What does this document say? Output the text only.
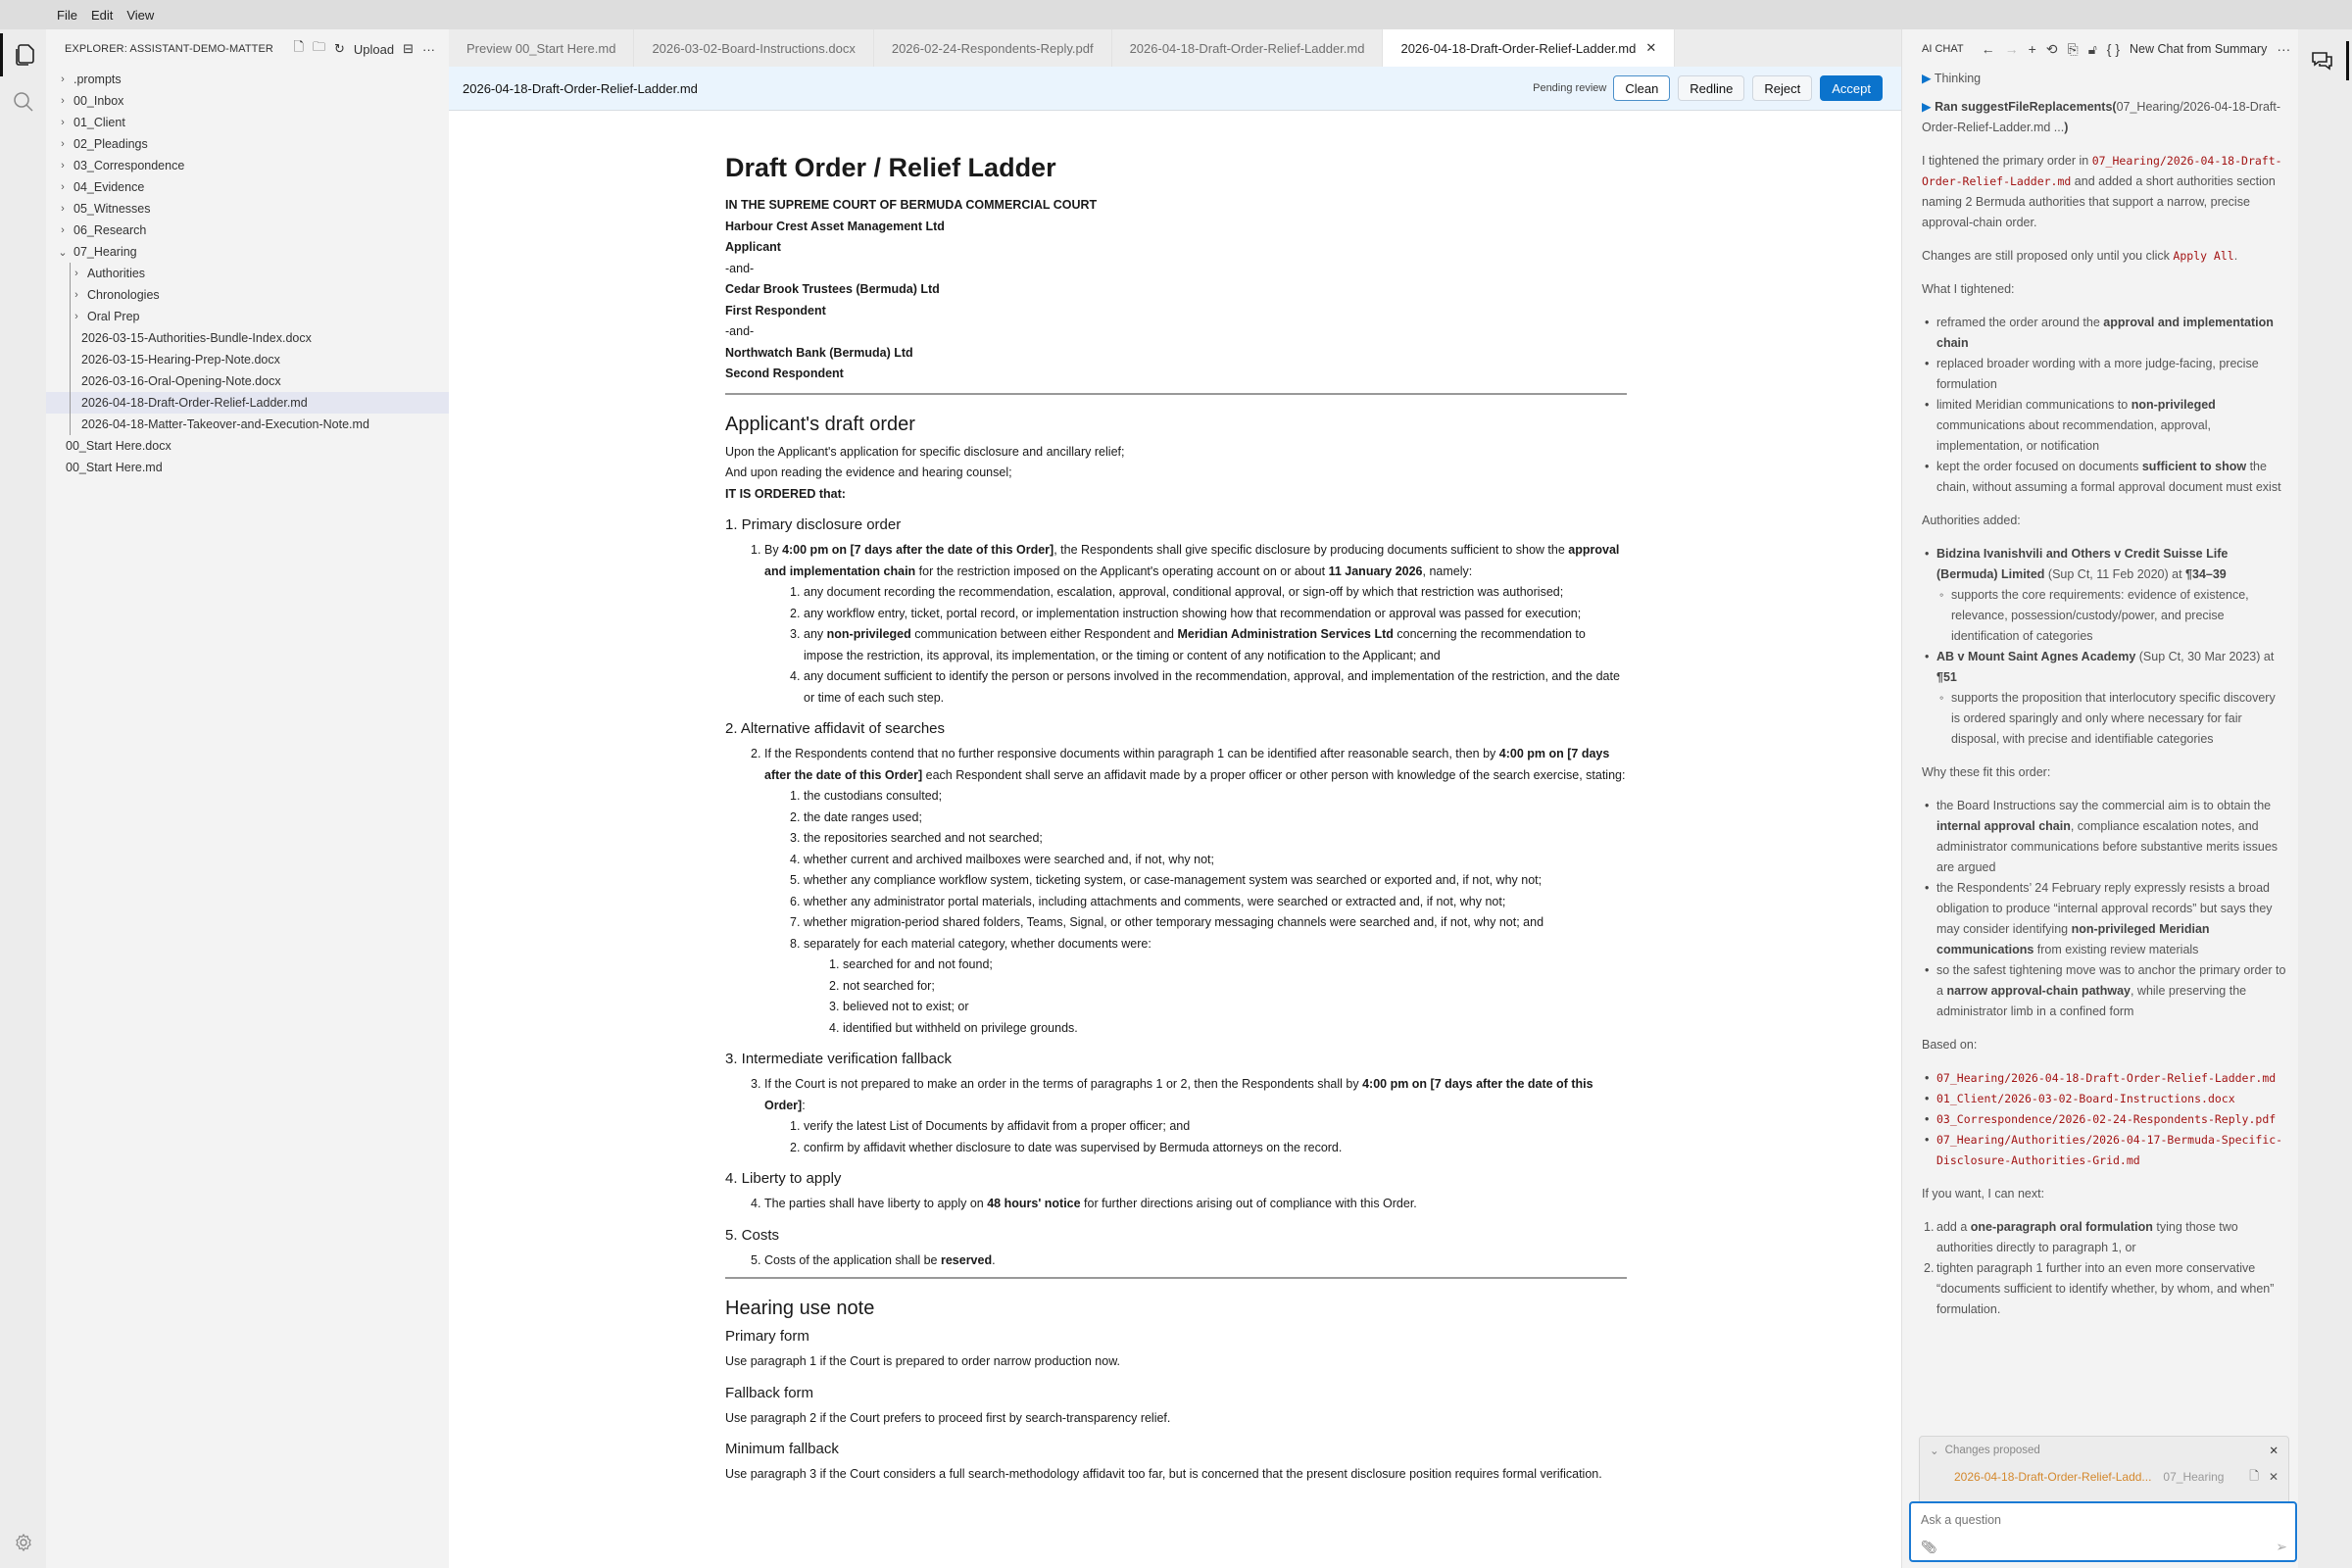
File Edit View
EXPLORER: ASSISTANT-DEMO-MATTER	🗋 🗀 ↻ Upload ⊟ ···
› .prompts
› 00_Inbox
› 01_Client
› 02_Pleadings
› 03_Correspondence
› 04_Evidence
› 05_Witnesses
› 06_Research
⌄ 07_Hearing
› Authorities
› Chronologies
› Oral Prep
2026-03-15-Authorities-Bundle-Index.docx
2026-03-15-Hearing-Prep-Note.docx
2026-03-16-Oral-Opening-Note.docx
2026-04-18-Draft-Order-Relief-Ladder.md
2026-04-18-Matter-Takeover-and-Execution-Note.md
00_Start Here.docx
00_Start Here.md
Preview 00_Start Here.md	2026-03-02-Board-Instructions.docx	2026-02-24-Respondents-Reply.pdf	2026-04-18-Draft-Order-Relief-Ladder.md	2026-04-18-Draft-Order-Relief-Ladder.md ✕
2026-04-18-Draft-Order-Relief-Ladder.md	Pending review	Clean	Redline	Reject	Accept
Draft Order / Relief Ladder
IN THE SUPREME COURT OF BERMUDA COMMERCIAL COURT
Harbour Crest Asset Management Ltd
Applicant
-and-
Cedar Brook Trustees (Bermuda) Ltd
First Respondent
-and-
Northwatch Bank (Bermuda) Ltd
Second Respondent
Applicant's draft order

Upon the Applicant's application for specific disclosure and ancillary relief;

And upon reading the evidence and hearing counsel;

IT IS ORDERED that:

1. Primary disclosure order
1. By 4:00 pm on [7 days after the date of this Order], the Respondents shall give specific disclosure by producing documents sufficient to show the approval and implementation chain for the restriction imposed on the Applicant's operating account on or about 11 January 2026, namely:
1. any document recording the recommendation, escalation, approval, conditional approval, or sign-off by which that restriction was authorised;
2. any workflow entry, ticket, portal record, or implementation instruction showing how that recommendation or approval was passed for execution;
3. any non-privileged communication between either Respondent and Meridian Administration Services Ltd concerning the recommendation to impose the restriction, its approval, its implementation, or the timing or content of any notification to the Applicant; and
4. any document sufficient to identify the person or persons involved in the recommendation, approval, and implementation of the restriction, and the date or time of each such step.
2. Alternative affidavit of searches
2. If the Respondents contend that no further responsive documents within paragraph 1 can be identified after reasonable search, then by 4:00 pm on [7 days after the date of this Order] each Respondent shall serve an affidavit made by a proper officer or other person with knowledge of the search exercise, stating:
1. the custodians consulted;
2. the date ranges used;
3. the repositories searched and not searched;
4. whether current and archived mailboxes were searched and, if not, why not;
5. whether any compliance workflow system, ticketing system, or case-management system was searched or exported and, if not, why not;
6. whether any administrator portal materials, including attachments and comments, were searched or extracted and, if not, why not;
7. whether migration-period shared folders, Teams, Signal, or other temporary messaging channels were searched and, if not, why not; and
8. separately for each material category, whether documents were:
1. searched for and not found;
2. not searched for;
3. believed not to exist; or
4. identified but withheld on privilege grounds.
3. Intermediate verification fallback
3. If the Court is not prepared to make an order in the terms of paragraphs 1 or 2, then the Respondents shall by 4:00 pm on [7 days after the date of this Order]:
1. verify the latest List of Documents by affidavit from a proper officer; and
2. confirm by affidavit whether disclosure to date was supervised by Bermuda attorneys on the record.
4. Liberty to apply
4. The parties shall have liberty to apply on 48 hours' notice for further directions arising out of compliance with this Order.
5. Costs
5. Costs of the application shall be reserved.
Hearing use note
Primary form

Use paragraph 1 if the Court is prepared to order narrow production now.

Fallback form

Use paragraph 2 if the Court prefers to proceed first by search-transparency relief.

Minimum fallback

Use paragraph 3 if the Court considers a full search-methodology affidavit too far, but is concerned that the present disclosure position requires formal verification.

AI CHAT ← → + ⟲ ⎘ 🔓︎ { } New Chat from Summary ···

▶ Thinking

▶ Ran suggestFileReplacements(07_Hearing/2026-04-18-Draft-Order-Relief-Ladder.md ...)

I tightened the primary order in 07_Hearing/2026-04-18-Draft-Order-Relief-Ladder.md and added a short authorities section naming 2 Bermuda authorities that support a narrow, precise approval-chain order.

Changes are still proposed only until you click Apply All.

What I tightened:

• reframed the order around the approval and implementation chain
• replaced broader wording with a more judge-facing, precise formulation
• limited Meridian communications to non-privileged communications about recommendation, approval, implementation, or notification
• kept the order focused on documents sufficient to show the chain, without assuming a formal approval document must exist

Authorities added:

• Bidzina Ivanishvili and Others v Credit Suisse Life (Bermuda) Limited (Sup Ct, 11 Feb 2020) at ¶34–39
◦ supports the core requirements: evidence of existence, relevance, possession/custody/power, and precise identification of categories
• AB v Mount Saint Agnes Academy (Sup Ct, 30 Mar 2023) at ¶51
◦ supports the proposition that interlocutory specific discovery is ordered sparingly and only where necessary for fair disposal, with precise and identifiable categories

Why these fit this order:

• the Board Instructions say the commercial aim is to obtain the internal approval chain, compliance escalation notes, and administrator communications before substantive merits issues are argued
• the Respondents’ 24 February reply expressly resists a broad obligation to produce “internal approval records” but says they may consider identifying non-privileged Meridian communications from existing review materials
• so the safest tightening move was to anchor the primary order to a narrow approval-chain pathway, while preserving the administrator limb in a confined form

Based on:

• 07_Hearing/2026-04-18-Draft-Order-Relief-Ladder.md
• 01_Client/2026-03-02-Board-Instructions.docx
• 03_Correspondence/2026-02-24-Respondents-Reply.pdf
• 07_Hearing/Authorities/2026-04-17-Bermuda-Specific-Disclosure-Authorities-Grid.md

If you want, I can next:

1. add a one-paragraph oral formulation tying those two authorities directly to paragraph 1, or
2. tighten paragraph 1 further into an even more conservative “documents sufficient to identify whether, by whom, and when” formulation.
⌄ Changes proposed	✕
2026-04-18-Draft-Order-Relief-Ladd... 07_Hearing	🗋 ✕
Ask a question
📎︎	➢
